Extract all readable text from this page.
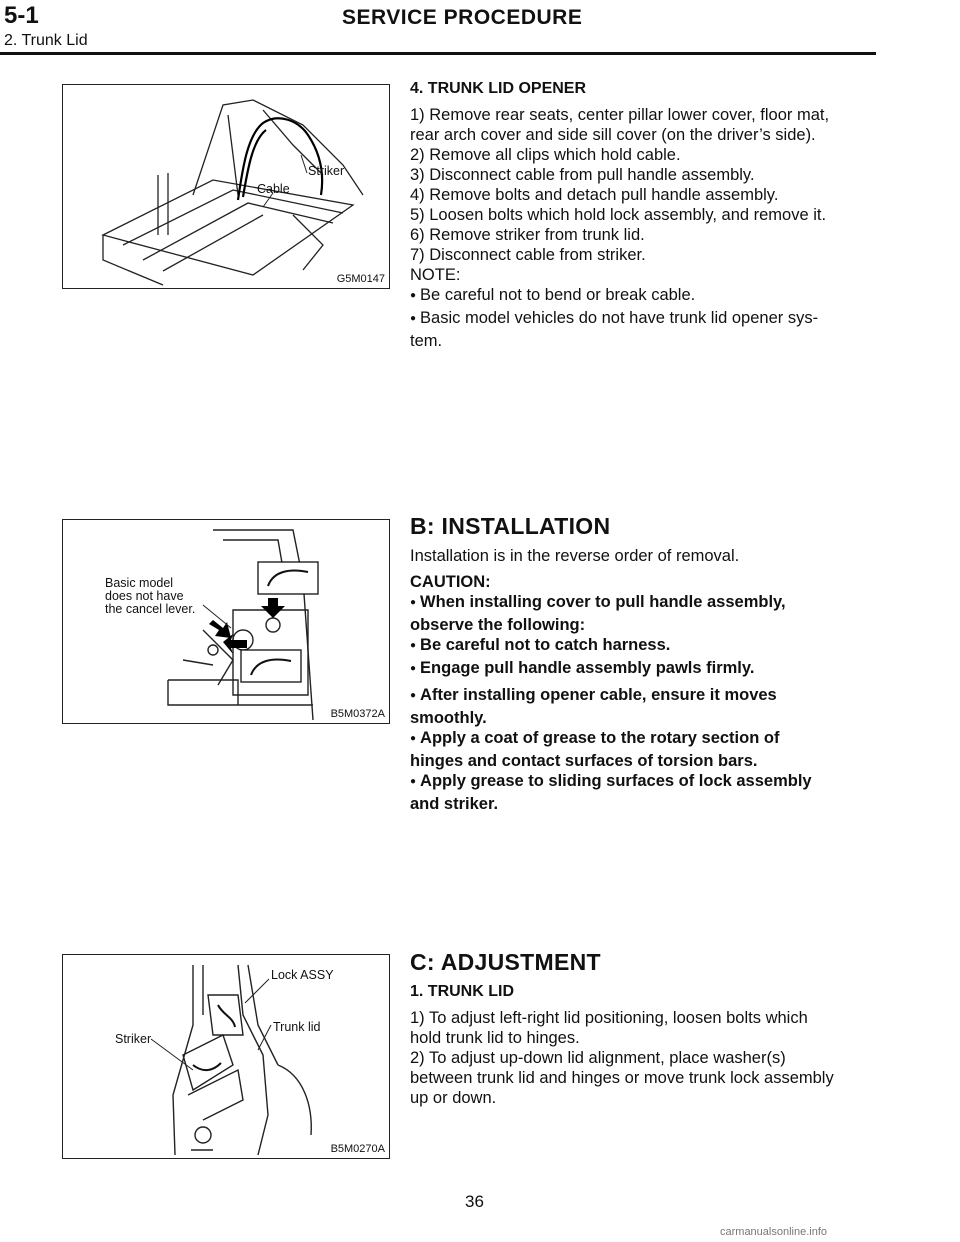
5-1	SERVICE PROCEDURE
2. Trunk Lid
Striker
Cable
G5M0147
Basic model
does not have
the cancel lever.
B5M0372A
Lock ASSY
Trunk lid
Striker
B5M0270A

4. TRUNK LID OPENER

1) Remove rear seats, center pillar lower cover, floor mat,

rear arch cover and side sill cover (on the driver’s side).

2) Remove all clips which hold cable.

3) Disconnect cable from pull handle assembly.

4) Remove bolts and detach pull handle assembly.

5) Loosen bolts which hold lock assembly, and remove it.

6) Remove striker from trunk lid.

7) Disconnect cable from striker.

NOTE:

● Be careful not to bend or break cable.

● Basic model vehicles do not have trunk lid opener sys-

tem.

B: INSTALLATION

Installation is in the reverse order of removal.

CAUTION:

● When installing cover to pull handle assembly,

observe the following:

● Be careful not to catch harness.

● Engage pull handle assembly pawls firmly.

● After installing opener cable, ensure it moves

smoothly.

● Apply a coat of grease to the rotary section of

hinges and contact surfaces of torsion bars.

● Apply grease to sliding surfaces of lock assembly

and striker.

C: ADJUSTMENT

1. TRUNK LID

1) To adjust left-right lid positioning, loosen bolts which

hold trunk lid to hinges.

2) To adjust up-down lid alignment, place washer(s)

between trunk lid and hinges or move trunk lock assembly

up or down.

36
carmanualsonline.info
